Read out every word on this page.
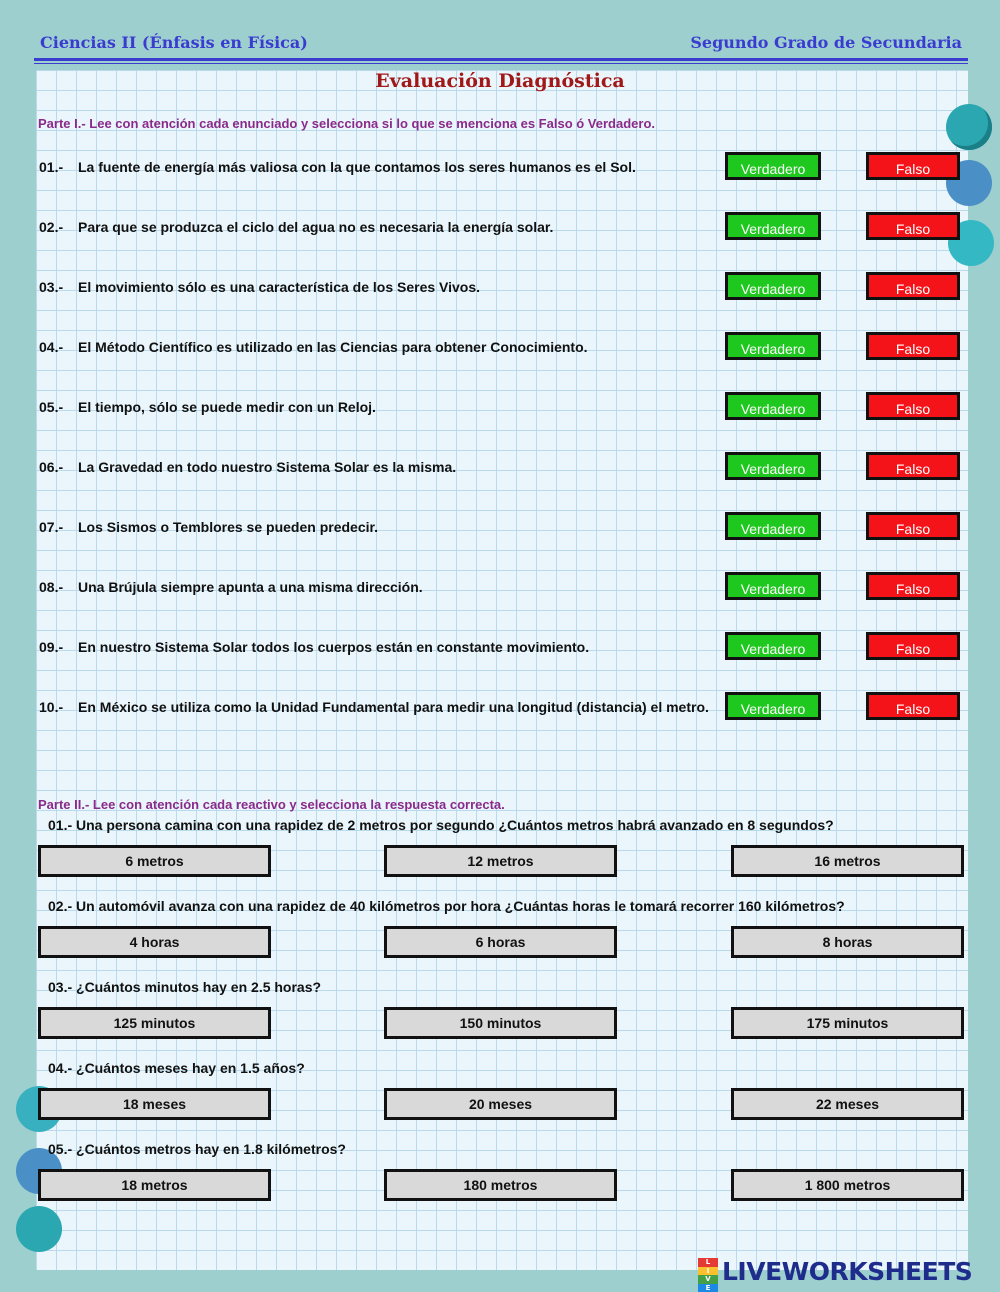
Ciencias II (Énfasis en Física)	Segundo Grado de Secundaria
Evaluación Diagnóstica
Parte I.- Lee con atención cada enunciado y selecciona si lo que se menciona es Falso ó Verdadero.
01.- La fuente de energía más valiosa con la que contamos los seres humanos es el Sol.	Verdadero	Falso
02.- Para que se produzca el ciclo del agua no es necesaria la energía solar.	Verdadero	Falso
03.- El movimiento sólo es una característica de los Seres Vivos.	Verdadero	Falso
04.- El Método Científico es utilizado en las Ciencias para obtener Conocimiento.	Verdadero	Falso
05.- El tiempo, sólo se puede medir con un Reloj.	Verdadero	Falso
06.- La Gravedad en todo nuestro Sistema Solar es la misma.	Verdadero	Falso
07.- Los Sismos o Temblores se pueden predecir.	Verdadero	Falso
08.- Una Brújula siempre apunta a una misma dirección.	Verdadero	Falso
09.- En nuestro Sistema Solar todos los cuerpos están en constante movimiento.	Verdadero	Falso
10.- En México se utiliza como la Unidad Fundamental para medir una longitud (distancia) el metro.	Verdadero	Falso
Parte II.- Lee con atención cada reactivo y selecciona la respuesta correcta.
01.- Una persona camina con una rapidez de 2 metros por segundo ¿Cuántos metros habrá avanzado en 8 segundos?
6 metros	12 metros	16 metros
02.- Un automóvil avanza con una rapidez de 40 kilómetros por hora ¿Cuántas horas le tomará recorrer 160 kilómetros?
4 horas	6 horas	8 horas
03.- ¿Cuántos minutos hay en 2.5 horas?
125 minutos	150 minutos	175 minutos
04.- ¿Cuántos meses hay en 1.5 años?
18 meses	20 meses	22 meses
05.- ¿Cuántos metros hay en 1.8 kilómetros?
18 metros	180 metros	1 800 metros
L
I
V
E
LIVEWORKSHEETS
